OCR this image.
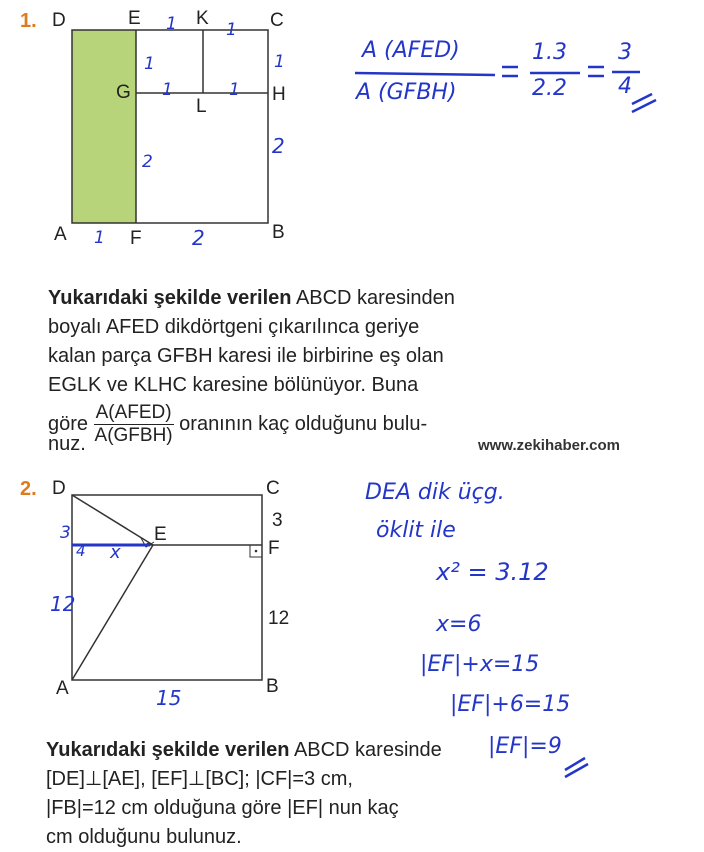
1. D	E	K	C
G	H
L
A	F	B
1	1
1
1	1
1
2
2
1	2
A (AFED)
A (GFBH)
1.3
2.2
3
4
Yukarıdaki şekilde verilen ABCD karesinden
boyalı AFED dikdörtgeni çıkarılınca geriye
kalan parça GFBH karesi ile birbirine eş olan
EGLK ve KLHC karesine bölünüyor. Buna
göre $\frac{\text{A(AFED)}}{\text{A(GFBH)}}$ oranının kaç olduğunu bulu-
nuz.	www.zekihaber.com
2. D	C
3
E
F
12
A	B
3
4 x
12
15
DEA dik üçg.
öklit ile
x² = 3.12
x=6
|EF|+x=15
|EF|+6=15
|EF|=9
Yukarıdaki şekilde verilen ABCD karesinde
[DE]⊥[AE], [EF]⊥[BC]; |CF|=3 cm,
|FB|=12 cm olduğuna göre |EF| nun kaç
cm olduğunu bulunuz.
